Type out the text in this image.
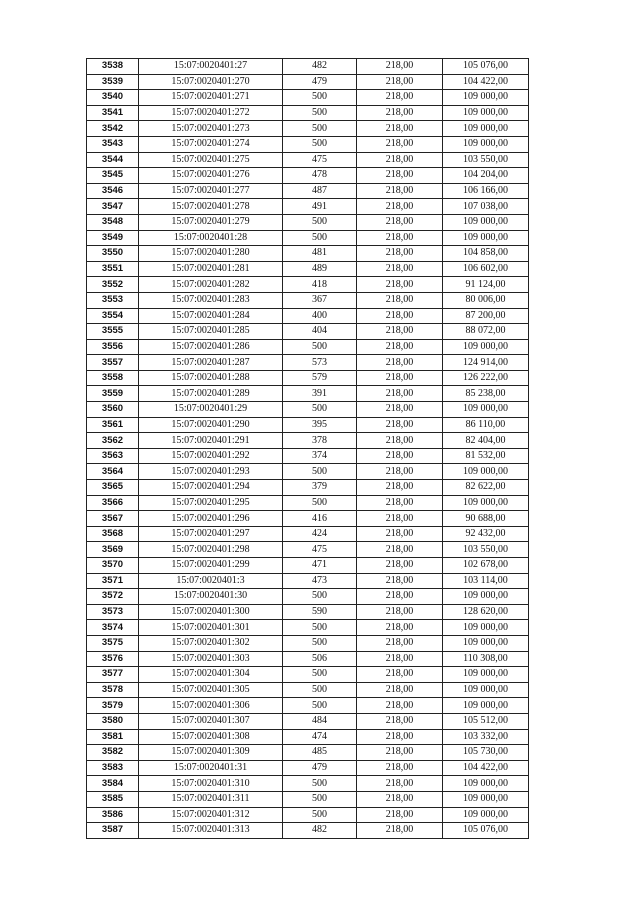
3538	15:07:0020401:27	482	218,00	105 076,00
3539	15:07:0020401:270	479	218,00	104 422,00
3540	15:07:0020401:271	500	218,00	109 000,00
3541	15:07:0020401:272	500	218,00	109 000,00
3542	15:07:0020401:273	500	218,00	109 000,00
3543	15:07:0020401:274	500	218,00	109 000,00
3544	15:07:0020401:275	475	218,00	103 550,00
3545	15:07:0020401:276	478	218,00	104 204,00
3546	15:07:0020401:277	487	218,00	106 166,00
3547	15:07:0020401:278	491	218,00	107 038,00
3548	15:07:0020401:279	500	218,00	109 000,00
3549	15:07:0020401:28	500	218,00	109 000,00
3550	15:07:0020401:280	481	218,00	104 858,00
3551	15:07:0020401:281	489	218,00	106 602,00
3552	15:07:0020401:282	418	218,00	91 124,00
3553	15:07:0020401:283	367	218,00	80 006,00
3554	15:07:0020401:284	400	218,00	87 200,00
3555	15:07:0020401:285	404	218,00	88 072,00
3556	15:07:0020401:286	500	218,00	109 000,00
3557	15:07:0020401:287	573	218,00	124 914,00
3558	15:07:0020401:288	579	218,00	126 222,00
3559	15:07:0020401:289	391	218,00	85 238,00
3560	15:07:0020401:29	500	218,00	109 000,00
3561	15:07:0020401:290	395	218,00	86 110,00
3562	15:07:0020401:291	378	218,00	82 404,00
3563	15:07:0020401:292	374	218,00	81 532,00
3564	15:07:0020401:293	500	218,00	109 000,00
3565	15:07:0020401:294	379	218,00	82 622,00
3566	15:07:0020401:295	500	218,00	109 000,00
3567	15:07:0020401:296	416	218,00	90 688,00
3568	15:07:0020401:297	424	218,00	92 432,00
3569	15:07:0020401:298	475	218,00	103 550,00
3570	15:07:0020401:299	471	218,00	102 678,00
3571	15:07:0020401:3	473	218,00	103 114,00
3572	15:07:0020401:30	500	218,00	109 000,00
3573	15:07:0020401:300	590	218,00	128 620,00
3574	15:07:0020401:301	500	218,00	109 000,00
3575	15:07:0020401:302	500	218,00	109 000,00
3576	15:07:0020401:303	506	218,00	110 308,00
3577	15:07:0020401:304	500	218,00	109 000,00
3578	15:07:0020401:305	500	218,00	109 000,00
3579	15:07:0020401:306	500	218,00	109 000,00
3580	15:07:0020401:307	484	218,00	105 512,00
3581	15:07:0020401:308	474	218,00	103 332,00
3582	15:07:0020401:309	485	218,00	105 730,00
3583	15:07:0020401:31	479	218,00	104 422,00
3584	15:07:0020401:310	500	218,00	109 000,00
3585	15:07:0020401:311	500	218,00	109 000,00
3586	15:07:0020401:312	500	218,00	109 000,00
3587	15:07:0020401:313	482	218,00	105 076,00
